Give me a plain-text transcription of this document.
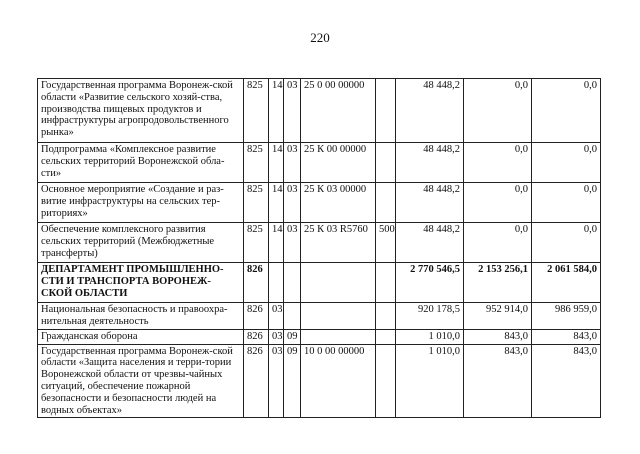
220
Государственная программа Воронеж-ской области «Развитие сельского хозяй-ства, производства пищевых продуктов и инфраструктуры агропродовольственного рынка»	825	14	03	25 0 00 00000		48 448,2	0,0	0,0
Подпрограмма «Комплексное развитие сельских территорий Воронежской обла-сти»	825	14	03	25 К 00 00000		48 448,2	0,0	0,0
Основное мероприятие «Создание и раз-витие инфраструктуры на сельских тер-риториях»	825	14	03	25 К 03 00000		48 448,2	0,0	0,0
Обеспечение комплексного развития сельских территорий (Межбюджетные трансферты)	825	14	03	25 К 03 R5760	500	48 448,2	0,0	0,0
ДЕПАРТАМЕНТ ПРОМЫШЛЕННО-СТИ И ТРАНСПОРТА ВОРОНЕЖ-СКОЙ ОБЛАСТИ	826					2 770 546,5	2 153 256,1	2 061 584,0
Национальная безопасность и правоохра-нительная деятельность	826	03				920 178,5	952 914,0	986 959,0
Гражданская оборона	826	03	09			1 010,0	843,0	843,0
Государственная программа Воронеж-ской области «Защита населения и терри-тории Воронежской области от чрезвы-чайных ситуаций, обеспечение пожарной безопасности и безопасности людей на водных объектах»	826	03	09	10 0 00 00000		1 010,0	843,0	843,0
